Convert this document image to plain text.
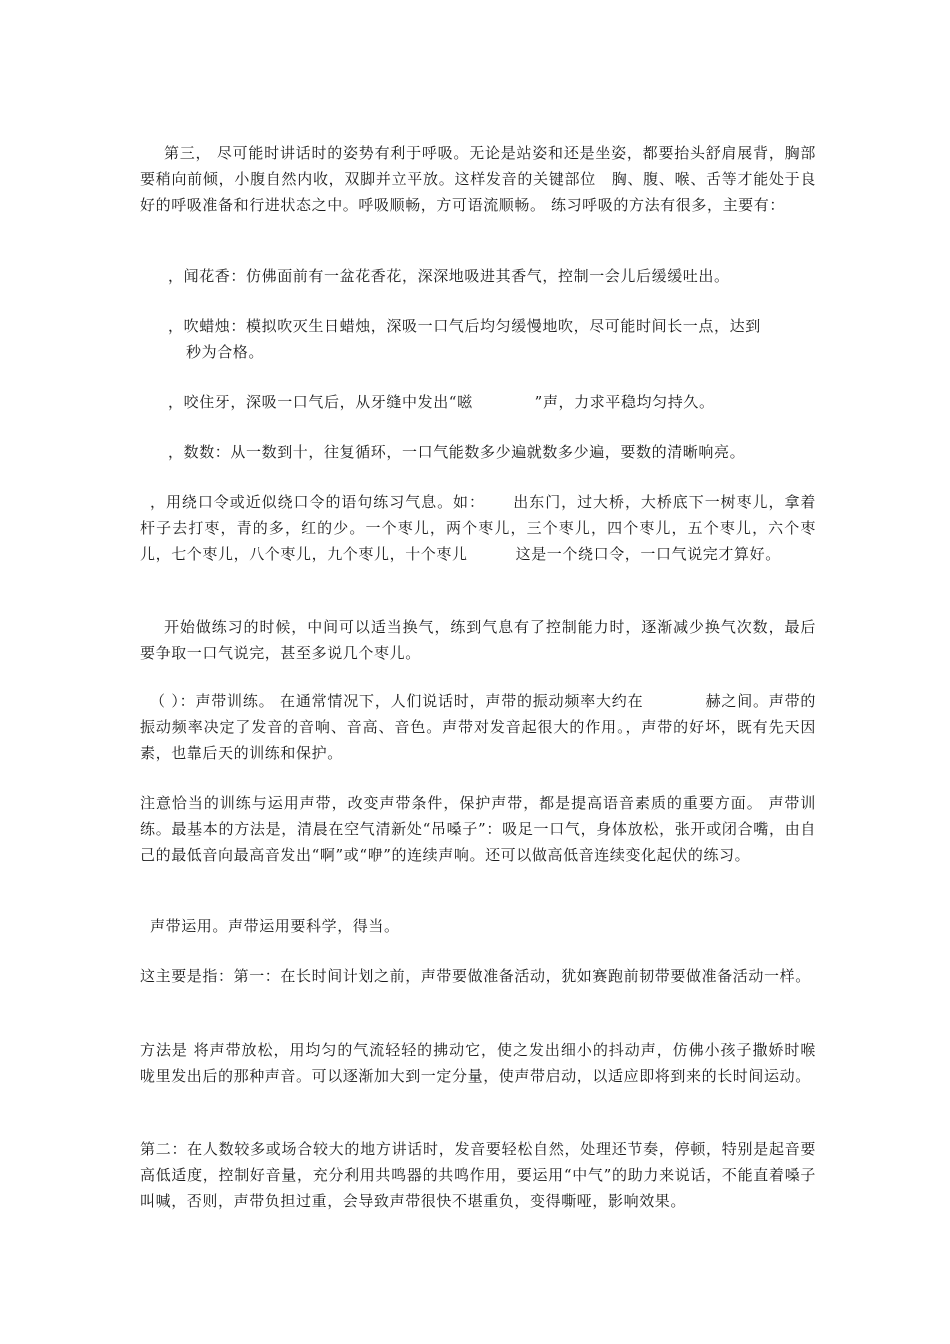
第三， 尽可能时讲话时的姿势有利于呼吸。无论是站姿和还是坐姿，都要抬头舒肩展背，胸部要稍向前倾，小腹自然内收，双脚并立平放。这样发音的关键部位　胸、腹、喉、舌等才能处于良好的呼吸准备和行进状态之中。呼吸顺畅，方可语流顺畅。 练习呼吸的方法有很多，主要有：

，闻花香：仿佛面前有一盆花香花，深深地吸进其香气，控制一会儿后缓缓吐出。

，吹蜡烛：模拟吹灭生日蜡烛，深吸一口气后均匀缓慢地吹，尽可能时间长一点，达到
秒为合格。

，咬住牙，深吸一口气后，从牙缝中发出“嗞	”声，力求平稳均匀持久。

，数数：从一数到十，往复循环，一口气能数多少遍就数多少遍，要数的清晰响亮。

，用绕口令或近似绕口令的语句练习气息。如： 出东门，过大桥，大桥底下一树枣儿，拿着杆子去打枣，青的多，红的少。一个枣儿，两个枣儿，三个枣儿，四个枣儿，五个枣儿，六个枣儿，七个枣儿，八个枣儿，九个枣儿，十个枣儿	这是一个绕口令，一口气说完才算好。

开始做练习的时候，中间可以适当换气，练到气息有了控制能力时，逐渐减少换气次数，最后要争取一口气说完，甚至多说几个枣儿。

（ ）：声带训练。 在通常情况下，人们说话时，声带的振动频率大约在	赫之间。声带的振动频率决定了发音的音响、音高、音色。声带对发音起很大的作用。，声带的好坏，既有先天因素，也靠后天的训练和保护。

注意恰当的训练与运用声带，改变声带条件，保护声带，都是提高语音素质的重要方面。 声带训练。最基本的方法是，清晨在空气清新处“吊嗓子”：吸足一口气，身体放松，张开或闭合嘴，由自己的最低音向最高音发出“啊”或“咿”的连续声响。还可以做高低音连续变化起伏的练习。

声带运用。声带运用要科学，得当。

这主要是指：第一：在长时间计划之前，声带要做准备活动，犹如赛跑前韧带要做准备活动一样。

方法是 将声带放松，用均匀的气流轻轻的拂动它，使之发出细小的抖动声，仿佛小孩子撒娇时喉咙里发出后的那种声音。可以逐渐加大到一定分量，使声带启动，以适应即将到来的长时间运动。

第二：在人数较多或场合较大的地方讲话时，发音要轻松自然，处理还节奏，停顿，特别是起音要高低适度，控制好音量，充分利用共鸣器的共鸣作用，要运用“中气”的助力来说话，不能直着嗓子叫喊，否则，声带负担过重，会导致声带很快不堪重负，变得嘶哑，影响效果。
